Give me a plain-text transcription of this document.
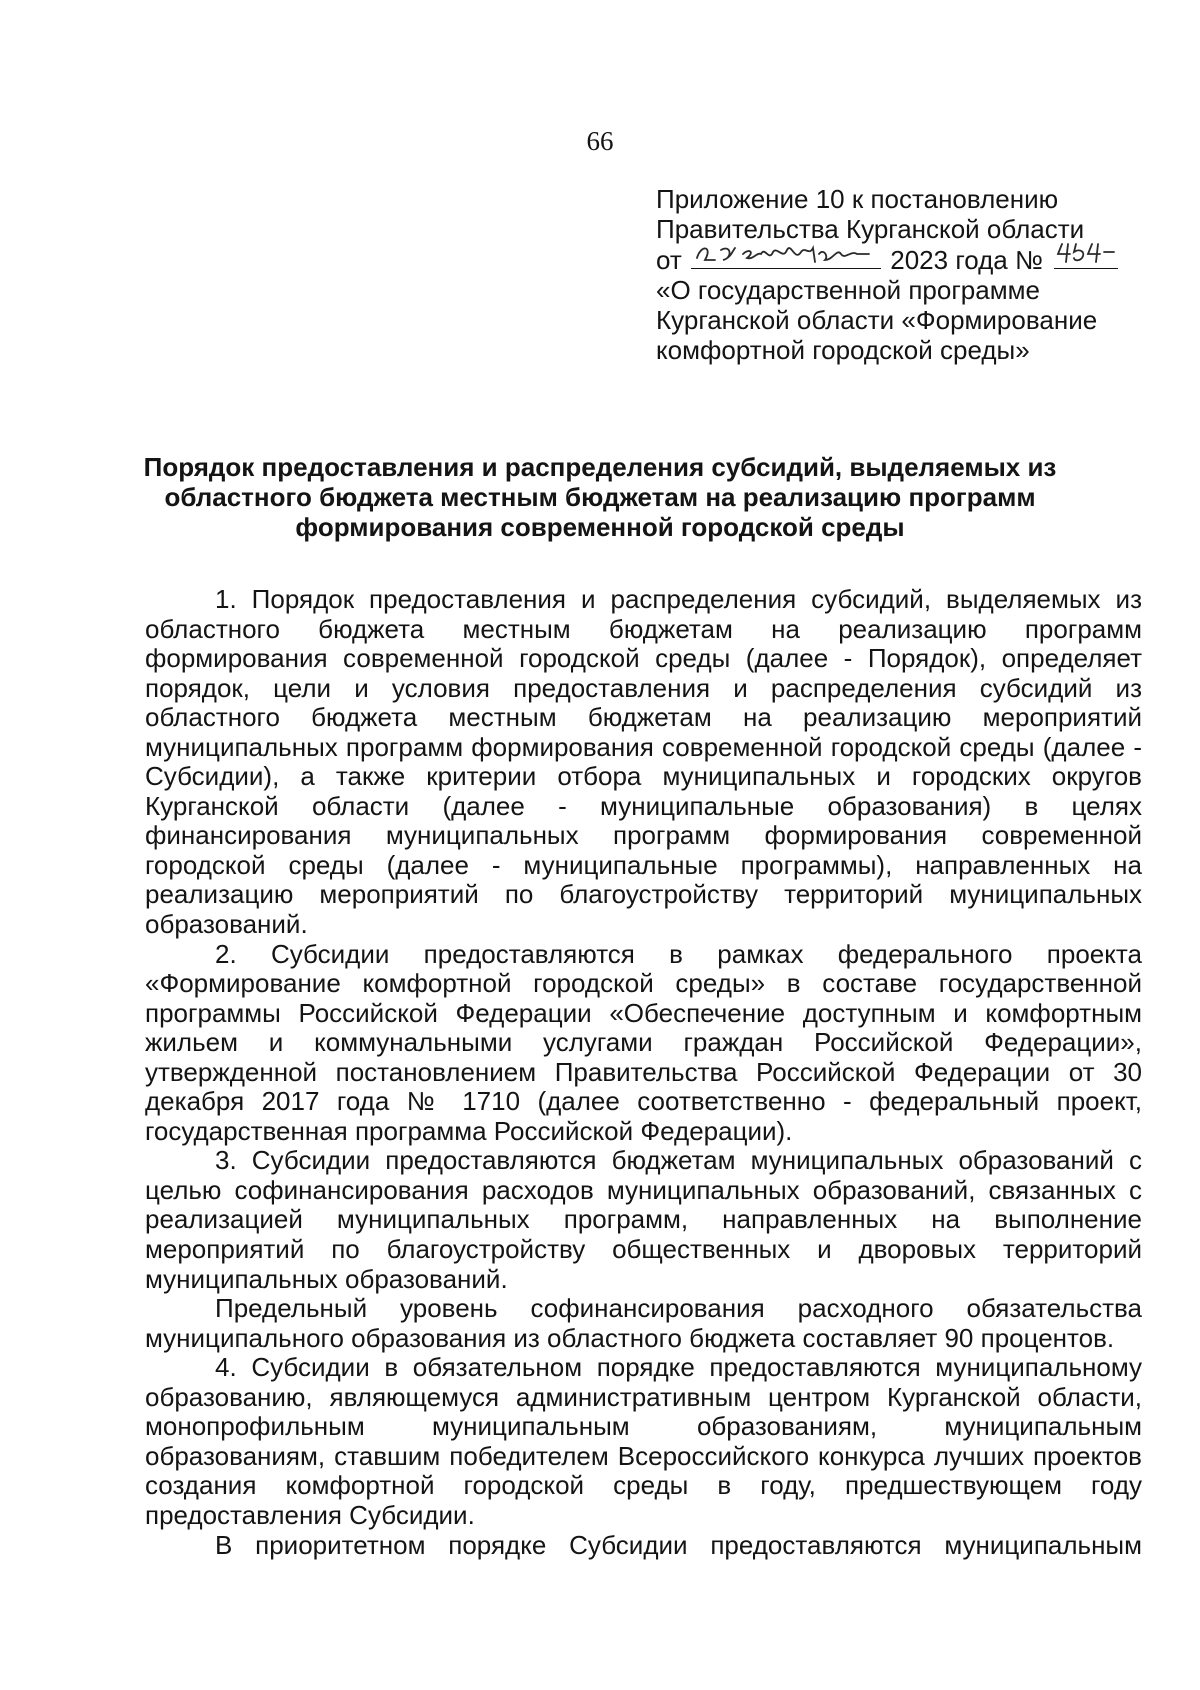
66
Приложение 10 к постановлению
Правительства Курганской области
от	2023 года №
«О государственной программе
Курганской области «Формирование
комфортной городской среды»
Порядок предоставления и распределения субсидий, выделяемых из
областного бюджета местным бюджетам на реализацию программ
формирования современной городской среды
1. Порядок предоставления и распределения субсидий, выделяемых из
областного бюджета местным бюджетам на реализацию программ
формирования современной городской среды (далее - Порядок), определяет
порядок, цели и условия предоставления и распределения субсидий из
областного бюджета местным бюджетам на реализацию мероприятий
муниципальных программ формирования современной городской среды (далее -
Субсидии), а также критерии отбора муниципальных и городских округов
Курганской области (далее - муниципальные образования) в целях
финансирования муниципальных программ формирования современной
городской среды (далее - муниципальные программы), направленных на
реализацию мероприятий по благоустройству территорий муниципальных
образований.
2. Субсидии предоставляются в рамках федерального проекта
«Формирование комфортной городской среды» в составе государственной
программы Российской Федерации «Обеспечение доступным и комфортным
жильем и коммунальными услугами граждан Российской Федерации»,
утвержденной постановлением Правительства Российской Федерации от 30
декабря 2017 года № 1710 (далее соответственно - федеральный проект,
государственная программа Российской Федерации).
3. Субсидии предоставляются бюджетам муниципальных образований с
целью софинансирования расходов муниципальных образований, связанных с
реализацией муниципальных программ, направленных на выполнение
мероприятий по благоустройству общественных и дворовых территорий
муниципальных образований.
Предельный уровень софинансирования расходного обязательства
муниципального образования из областного бюджета составляет 90 процентов.
4. Субсидии в обязательном порядке предоставляются муниципальному
образованию, являющемуся административным центром Курганской области,
монопрофильным муниципальным образованиям, муниципальным
образованиям, ставшим победителем Всероссийского конкурса лучших проектов
создания комфортной городской среды в году, предшествующем году
предоставления Субсидии.
В приоритетном порядке Субсидии предоставляются муниципальным
